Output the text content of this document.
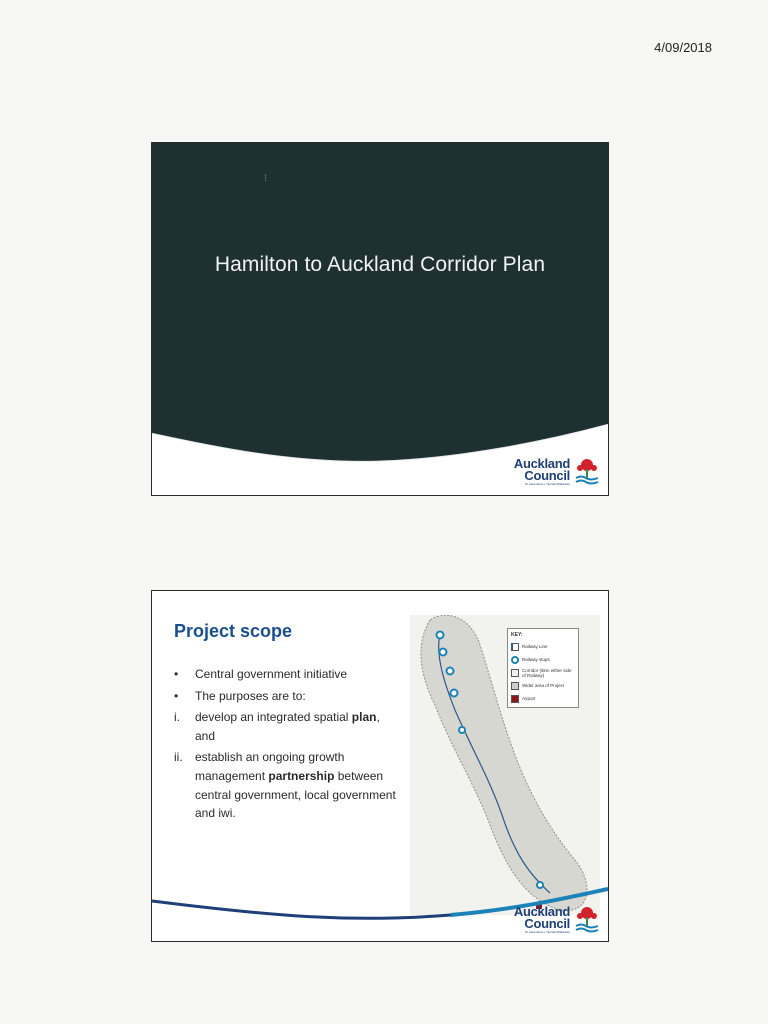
4/09/2018
⁝
Hamilton to Auckland Corridor Plan
Auckland
Council
Te Kaunihera o Tāmaki Makaurau
Project scope
•	Central government initiative
•	The purposes are to:
i.	develop an integrated spatial plan,
and
ii.	establish an ongoing growth management partnership between central government, local government and iwi.
KEY:
Railway Line
Railway stops
Corridor (5km either side of Railway)
Wider area of Project
Airport
Auckland
Council
Te Kaunihera o Tāmaki Makaurau
